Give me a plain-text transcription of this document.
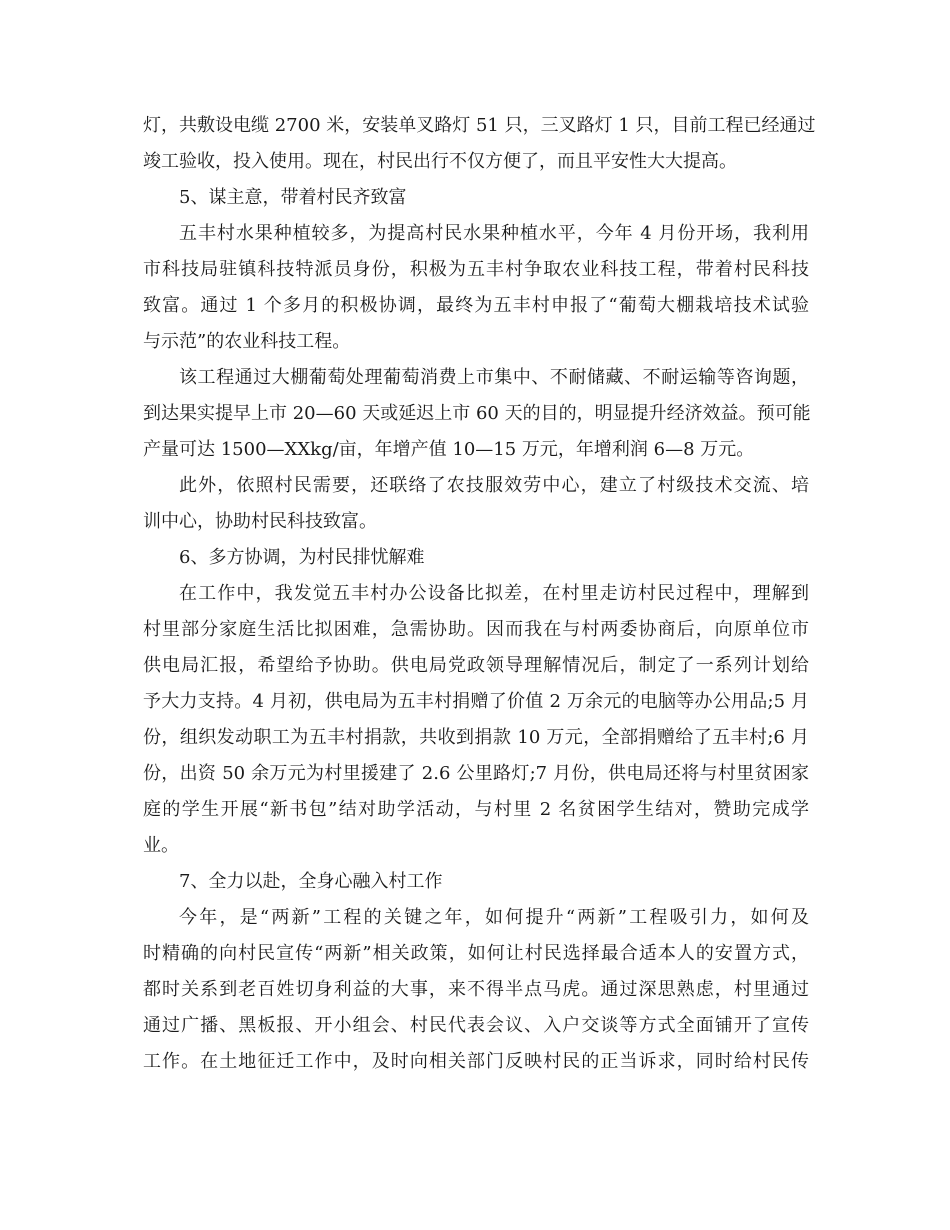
灯，共敷设电缆 2700 米，安装单叉路灯 51 只，三叉路灯 1 只，目前工程已经通过
竣工验收，投入使用。现在，村民出行不仅方便了，而且平安性大大提高。
5、谋主意，带着村民齐致富
五丰村水果种植较多，为提高村民水果种植水平，今年 4 月份开场，我利用
市科技局驻镇科技特派员身份，积极为五丰村争取农业科技工程，带着村民科技
致富。通过 1 个多月的积极协调，最终为五丰村申报了“葡萄大棚栽培技术试验
与示范”的农业科技工程。
该工程通过大棚葡萄处理葡萄消费上市集中、不耐储藏、不耐运输等咨询题，
到达果实提早上市 20—60 天或延迟上市 60 天的目的，明显提升经济效益。预可能
产量可达 1500—XXkg/亩，年增产值 10—15 万元，年增利润 6—8 万元。
此外，依照村民需要，还联络了农技服效劳中心，建立了村级技术交流、培
训中心，协助村民科技致富。
6、多方协调，为村民排忧解难
在工作中，我发觉五丰村办公设备比拟差，在村里走访村民过程中，理解到
村里部分家庭生活比拟困难，急需协助。因而我在与村两委协商后，向原单位市
供电局汇报，希望给予协助。供电局党政领导理解情况后，制定了一系列计划给
予大力支持。4 月初，供电局为五丰村捐赠了价值 2 万余元的电脑等办公用品;5 月
份，组织发动职工为五丰村捐款，共收到捐款 10 万元，全部捐赠给了五丰村;6 月
份，出资 50 余万元为村里援建了 2.6 公里路灯;7 月份，供电局还将与村里贫困家
庭的学生开展“新书包”结对助学活动，与村里 2 名贫困学生结对，赞助完成学
业。
7、全力以赴，全身心融入村工作
今年，是“两新”工程的关键之年，如何提升“两新”工程吸引力，如何及
时精确的向村民宣传“两新”相关政策，如何让村民选择最合适本人的安置方式，
都时关系到老百姓切身利益的大事，来不得半点马虎。通过深思熟虑，村里通过
通过广播、黑板报、开小组会、村民代表会议、入户交谈等方式全面铺开了宣传
工作。在土地征迁工作中，及时向相关部门反映村民的正当诉求，同时给村民传
